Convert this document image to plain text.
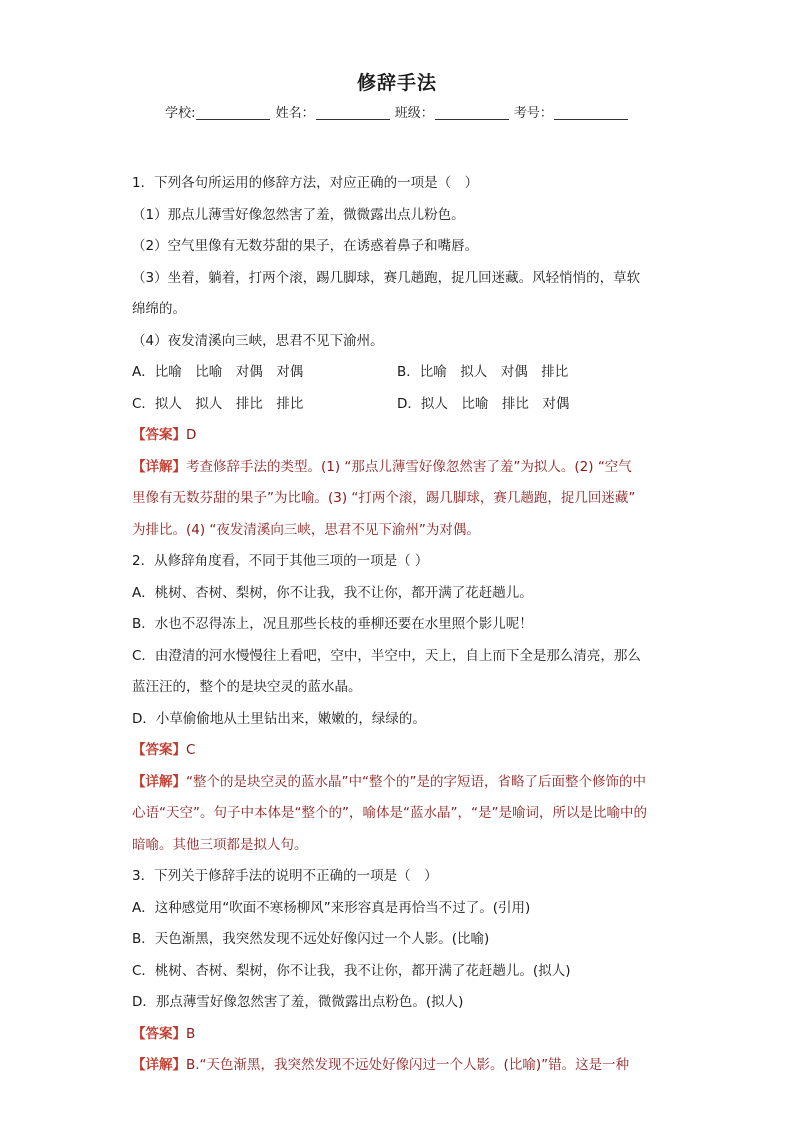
修辞手法
学校:	姓名：	班级：	考号：

1．下列各句所运用的修辞方法，对应正确的一项是（　）

（1）那点儿薄雪好像忽然害了羞，微微露出点儿粉色。

（2）空气里像有无数芬甜的果子，在诱惑着鼻子和嘴唇。

（3）坐着，躺着，打两个滚，踢几脚球，赛几趟跑，捉几回迷藏。风轻悄悄的，草软

绵绵的。

（4）夜发清溪向三峡，思君不见下渝州。

A．比喻　比喻　对偶　对偶	B．比喻　拟人　对偶　排比
C．拟人　拟人　排比　排比	D．拟人　比喻　排比　对偶

【答案】D

【详解】考查修辞手法的类型。(1) “那点儿薄雪好像忽然害了羞”为拟人。(2) “空气

里像有无数芬甜的果子”为比喻。(3) “打两个滚，踢几脚球，赛几趟跑，捉几回迷藏”

为排比。(4) “夜发清溪向三峡，思君不见下渝州”为对偶。

2．从修辞角度看，不同于其他三项的一项是（ ）

A．桃树、杏树、梨树，你不让我，我不让你，都开满了花赶趟儿。

B．水也不忍得冻上，况且那些长枝的垂柳还要在水里照个影儿呢！

C．由澄清的河水慢慢往上看吧，空中，半空中，天上，自上而下全是那么清亮，那么

蓝汪汪的，整个的是块空灵的蓝水晶。

D．小草偷偷地从土里钻出来，嫩嫩的，绿绿的。

【答案】C

【详解】“整个的是块空灵的蓝水晶”中“整个的”是的字短语，省略了后面整个修饰的中

心语“天空”。句子中本体是“整个的”，喻体是“蓝水晶”，“是”是喻词，所以是比喻中的

暗喻。其他三项都是拟人句。

3．下列关于修辞手法的说明不正确的一项是（　）

A．这种感觉用“吹面不寒杨柳风”来形容真是再恰当不过了。(引用)

B．天色渐黑，我突然发现不远处好像闪过一个人影。(比喻)

C．桃树、杏树、梨树，你不让我，我不让你，都开满了花赶趟儿。(拟人)

D．那点薄雪好像忽然害了羞，微微露出点粉色。(拟人)

【答案】B

【详解】B.“天色渐黑，我突然发现不远处好像闪过一个人影。(比喻)”错。这是一种
